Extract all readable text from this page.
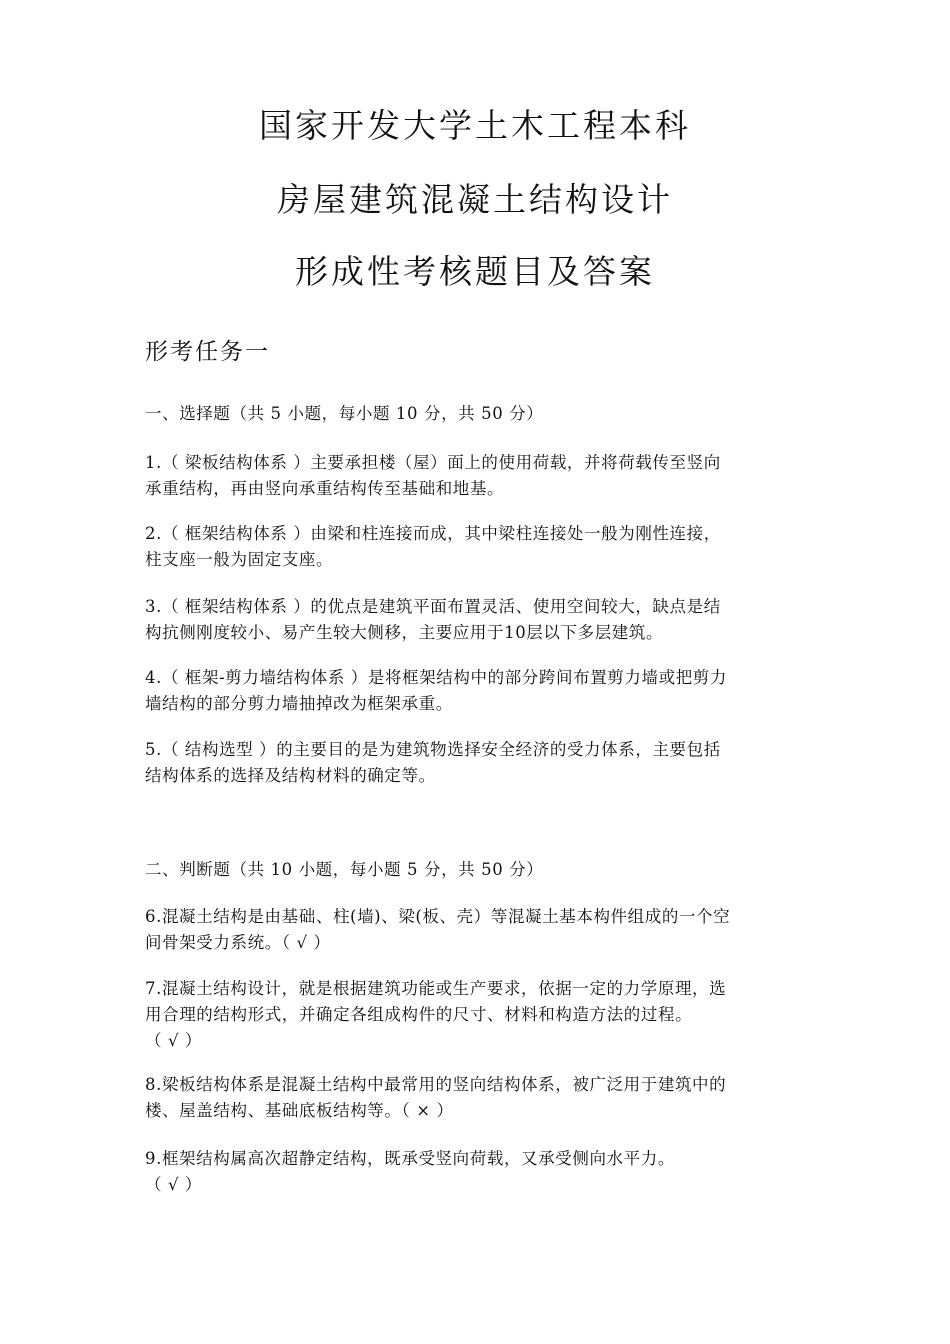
国家开发大学土木工程本科
房屋建筑混凝土结构设计
形成性考核题目及答案
形考任务一
一、选择题（共 5 小题，每小题 10 分，共 50 分）
1.（ 梁板结构体系 ）主要承担楼（屋）面上的使用荷载，并将荷载传至竖向
承重结构，再由竖向承重结构传至基础和地基。
2.（ 框架结构体系 ）由梁和柱连接而成，其中梁柱连接处一般为刚性连接，
柱支座一般为固定支座。
3.（ 框架结构体系 ）的优点是建筑平面布置灵活、使用空间较大，缺点是结
构抗侧刚度较小、易产生较大侧移，主要应用于10层以下多层建筑。
4.（ 框架-剪力墙结构体系 ）是将框架结构中的部分跨间布置剪力墙或把剪力
墙结构的部分剪力墙抽掉改为框架承重。
5.（ 结构选型 ）的主要目的是为建筑物选择安全经济的受力体系，主要包括
结构体系的选择及结构材料的确定等。
二、判断题（共 10 小题，每小题 5 分，共 50 分）
6.混凝土结构是由基础、柱(墙)、梁(板、壳）等混凝土基本构件组成的一个空
间骨架受力系统。（ √ ）
7.混凝土结构设计，就是根据建筑功能或生产要求，依据一定的力学原理，选
用合理的结构形式，并确定各组成构件的尺寸、材料和构造方法的过程。
（ √ ）
8.梁板结构体系是混凝土结构中最常用的竖向结构体系，被广泛用于建筑中的
楼、屋盖结构、基础底板结构等。（ × ）
9.框架结构属高次超静定结构，既承受竖向荷载，又承受侧向水平力。
（ √ ）
